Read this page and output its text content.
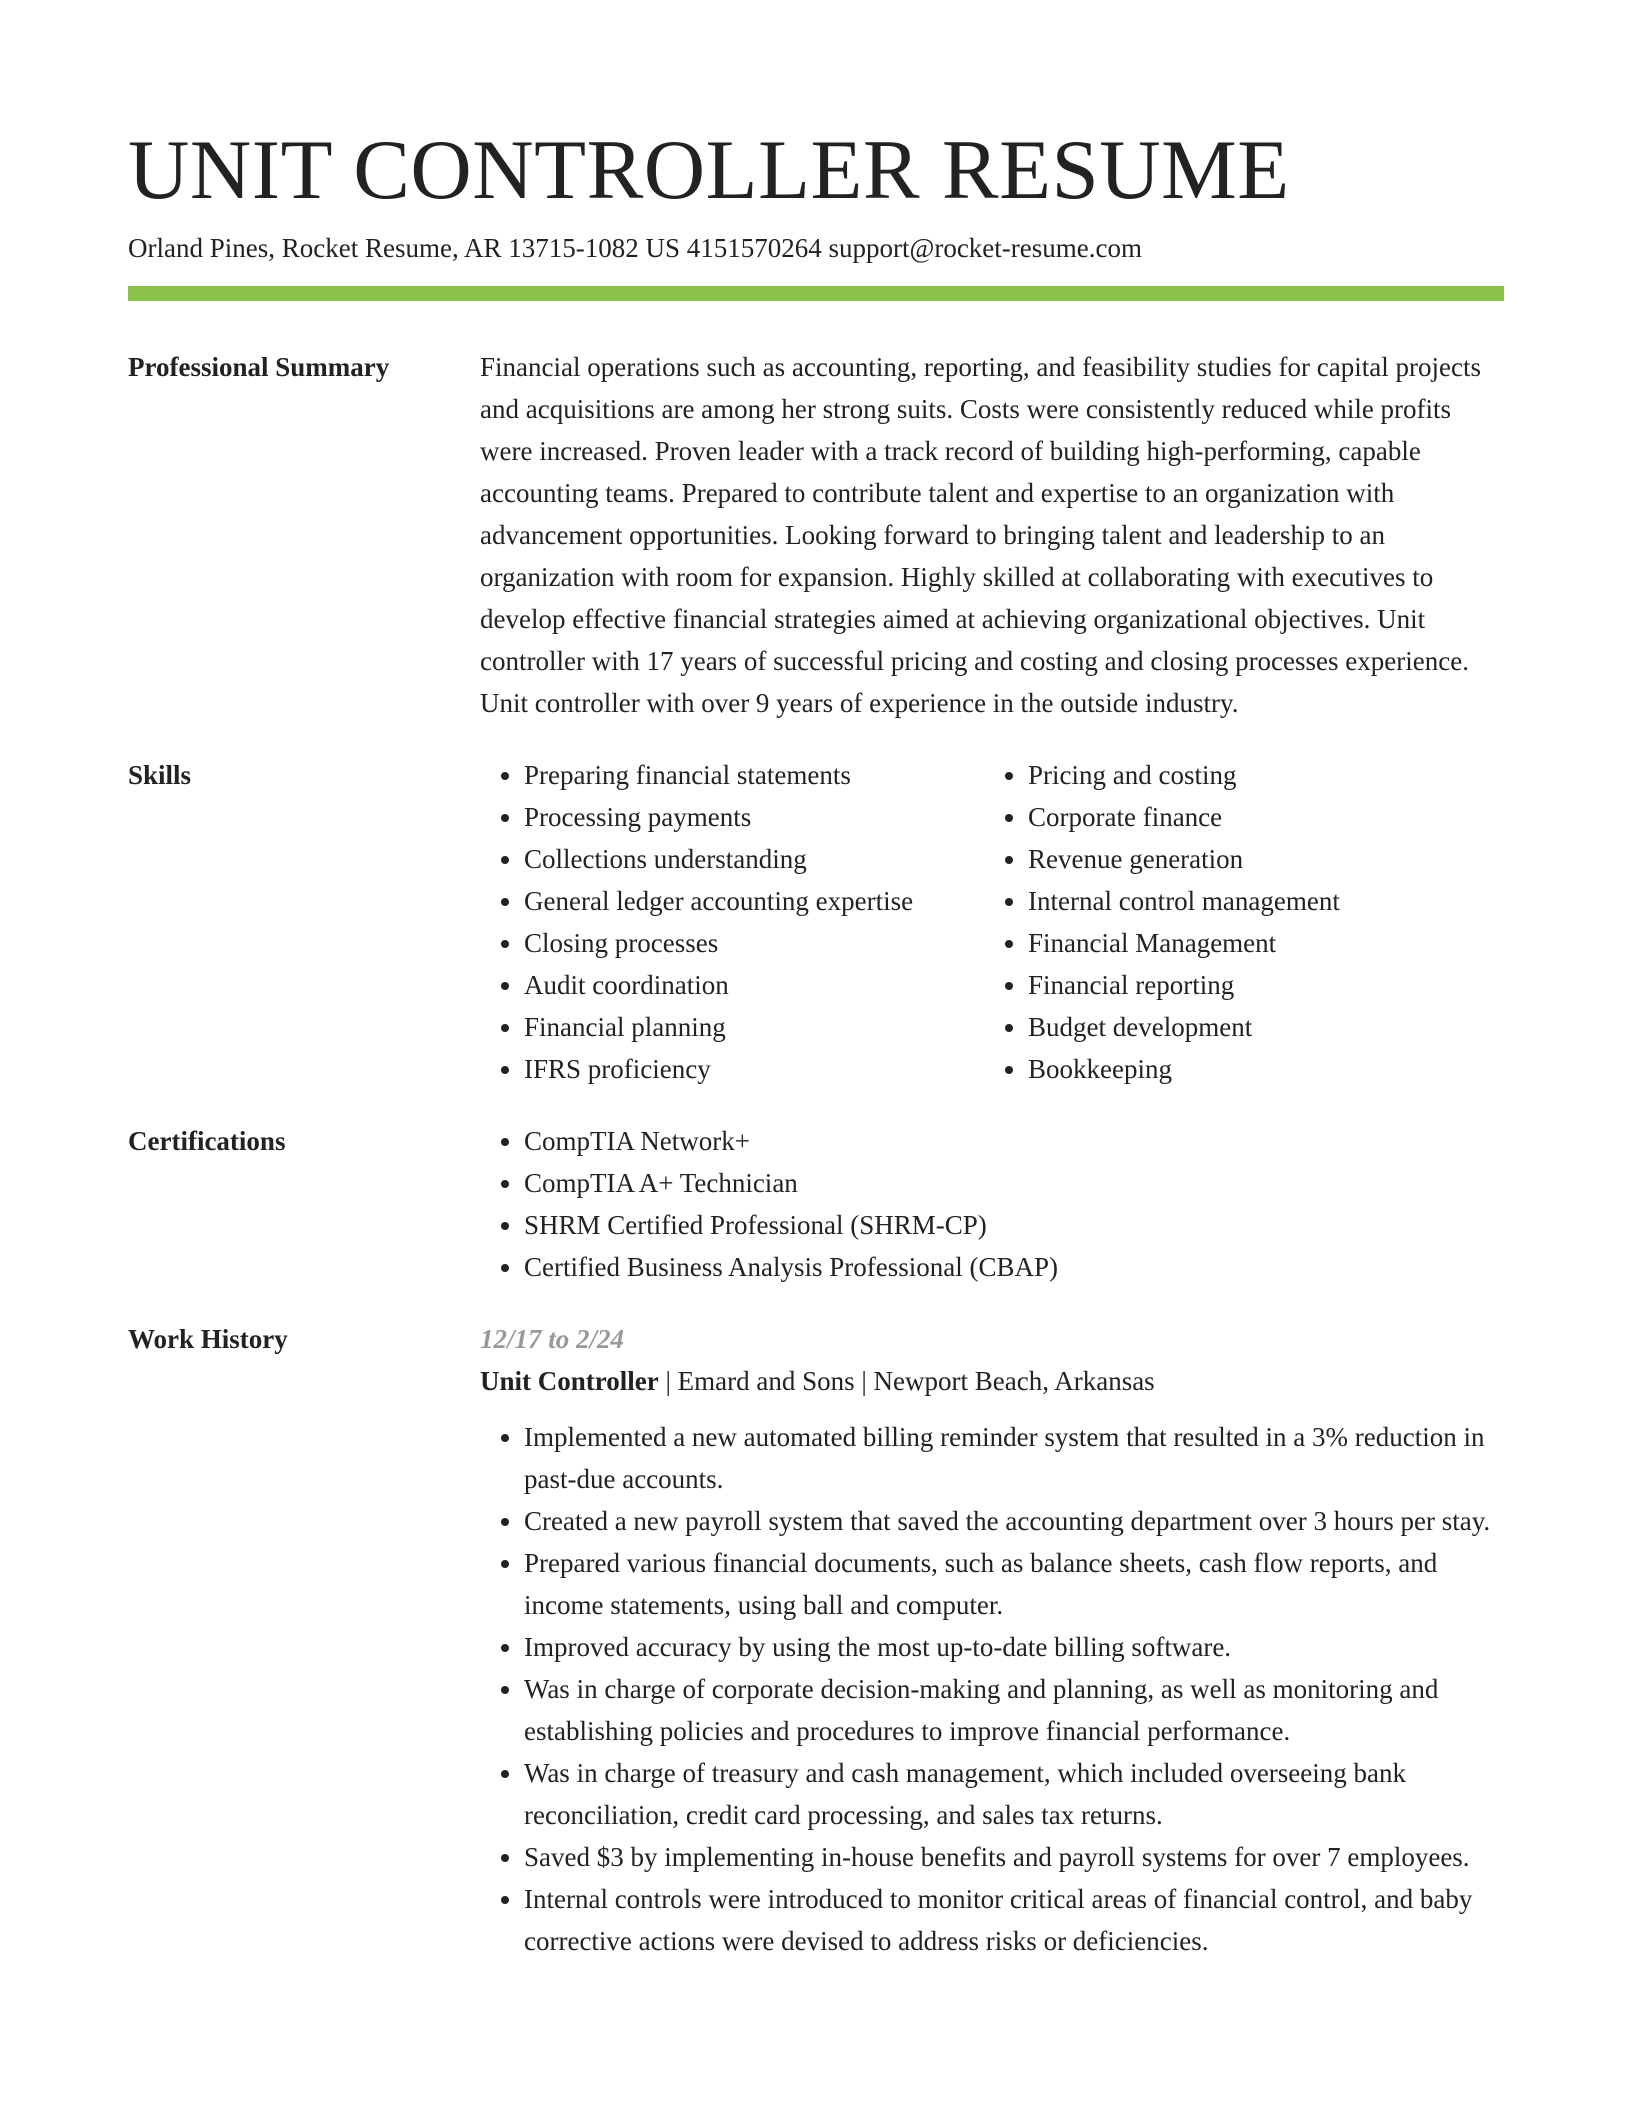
UNIT CONTROLLER RESUME
Orland Pines, Rocket Resume, AR 13715-1082 US 4151570264 support@rocket-resume.com
Professional Summary	Financial operations such as accounting, reporting, and feasibility studies for capital projects and acquisitions are among her strong suits. Costs were consistently reduced while profits were increased. Proven leader with a track record of building high-performing, capable accounting teams. Prepared to contribute talent and expertise to an organization with advancement opportunities. Looking forward to bringing talent and leadership to an organization with room for expansion. Highly skilled at collaborating with executives to develop effective financial strategies aimed at achieving organizational objectives. Unit controller with 17 years of successful pricing and costing and closing processes experience. Unit controller with over 9 years of experience in the outside industry.

Skills	• Preparing financial statements
• Processing payments
• Collections understanding
• General ledger accounting expertise
• Closing processes
• Audit coordination
• Financial planning
• IFRS proficiency
• Pricing and costing
• Corporate finance
• Revenue generation
• Internal control management
• Financial Management
• Financial reporting
• Budget development
• Bookkeeping
Certifications	• CompTIA Network+
• CompTIA A+ Technician
• SHRM Certified Professional (SHRM-CP)
• Certified Business Analysis Professional (CBAP)
Work History	12/17 to 2/24
Unit Controller | Emard and Sons | Newport Beach, Arkansas
• Implemented a new automated billing reminder system that resulted in a 3% reduction in past-due accounts.
• Created a new payroll system that saved the accounting department over 3 hours per stay.
• Prepared various financial documents, such as balance sheets, cash flow reports, and income statements, using ball and computer.
• Improved accuracy by using the most up-to-date billing software.
• Was in charge of corporate decision-making and planning, as well as monitoring and establishing policies and procedures to improve financial performance.
• Was in charge of treasury and cash management, which included overseeing bank reconciliation, credit card processing, and sales tax returns.
• Saved $3 by implementing in-house benefits and payroll systems for over 7 employees.
• Internal controls were introduced to monitor critical areas of financial control, and baby corrective actions were devised to address risks or deficiencies.
